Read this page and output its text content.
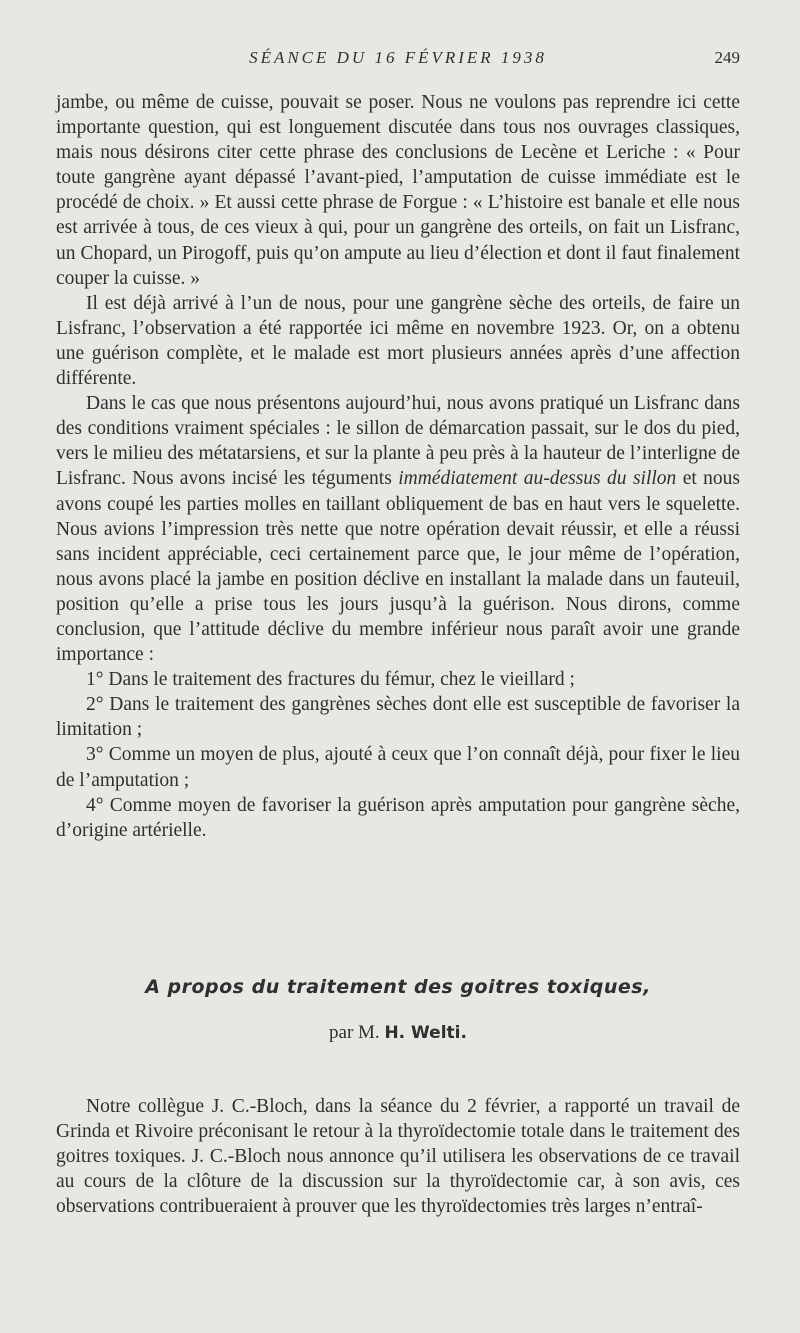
SÉANCE DU 16 FÉVRIER 1938	249

jambe, ou même de cuisse, pouvait se poser. Nous ne voulons pas reprendre ici cette importante question, qui est longuement discutée dans tous nos ouvrages classiques, mais nous désirons citer cette phrase des conclusions de Lecène et Leriche : « Pour toute gangrène ayant dépassé l’avant-pied, l’amputation de cuisse immédiate est le procédé de choix. » Et aussi cette phrase de Forgue : « L’histoire est banale et elle nous est arrivée à tous, de ces vieux à qui, pour un gangrène des orteils, on fait un Lisfranc, un Chopard, un Pirogoff, puis qu’on ampute au lieu d’élection et dont il faut finalement couper la cuisse. »

Il est déjà arrivé à l’un de nous, pour une gangrène sèche des orteils, de faire un Lisfranc, l’observation a été rapportée ici même en novembre 1923. Or, on a obtenu une guérison complète, et le malade est mort plusieurs années après d’une affection différente.

Dans le cas que nous présentons aujourd’hui, nous avons pratiqué un Lisfranc dans des conditions vraiment spéciales : le sillon de démarcation passait, sur le dos du pied, vers le milieu des métatarsiens, et sur la plante à peu près à la hauteur de l’interligne de Lisfranc. Nous avons incisé les téguments immédiatement au-dessus du sillon et nous avons coupé les parties molles en taillant obliquement de bas en haut vers le squelette. Nous avions l’impression très nette que notre opération devait réussir, et elle a réussi sans incident appréciable, ceci certainement parce que, le jour même de l’opération, nous avons placé la jambe en position déclive en installant la malade dans un fauteuil, position qu’elle a prise tous les jours jusqu’à la guérison. Nous dirons, comme conclusion, que l’attitude déclive du membre inférieur nous paraît avoir une grande importance :

1° Dans le traitement des fractures du fémur, chez le vieillard ;

2° Dans le traitement des gangrènes sèches dont elle est susceptible de favoriser la limitation ;

3° Comme un moyen de plus, ajouté à ceux que l’on connaît déjà, pour fixer le lieu de l’amputation ;

4° Comme moyen de favoriser la guérison après amputation pour gangrène sèche, d’origine artérielle.

A propos du traitement des goitres toxiques,
par M. H. Welti.

Notre collègue J. C.-Bloch, dans la séance du 2 février, a rapporté un travail de Grinda et Rivoire préconisant le retour à la thyroïdectomie totale dans le traitement des goitres toxiques. J. C.-Bloch nous annonce qu’il utilisera les observations de ce travail au cours de la clôture de la discussion sur la thyroïdectomie car, à son avis, ces observations contribueraient à prouver que les thyroïdectomies très larges n’entraî-
